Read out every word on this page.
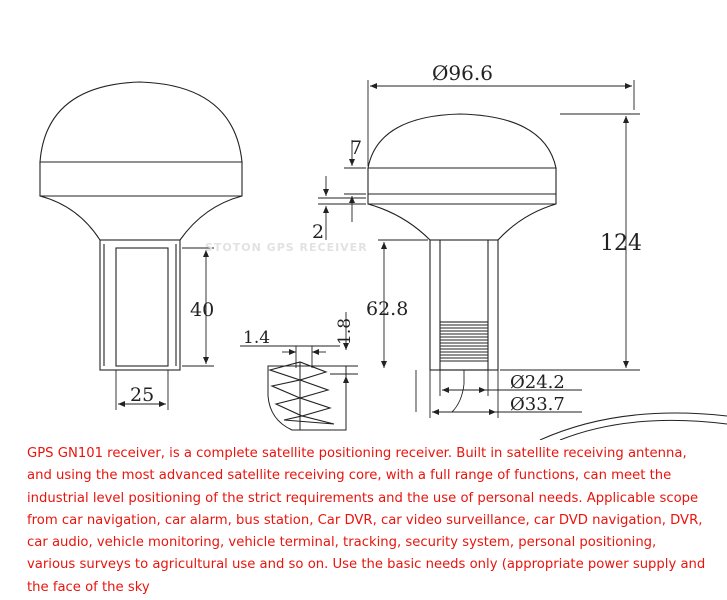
40
25
1.4	1.8
Ø96.6
7
2	124
62.8
Ø24.2
Ø33.7
STOTON GPS RECEIVER

GPS GN101 receiver, is a complete satellite positioning receiver. Built in satellite receiving antenna, and using the most advanced satellite receiving core, with a full range of functions, can meet the industrial level positioning of the strict requirements and the use of personal needs. Applicable scope from car navigation, car alarm, bus station, Car DVR, car video surveillance, car DVD navigation, DVR, car audio, vehicle monitoring, vehicle terminal, tracking, security system, personal positioning, various surveys to agricultural use and so on. Use the basic needs only (appropriate power supply and the face of the sky
